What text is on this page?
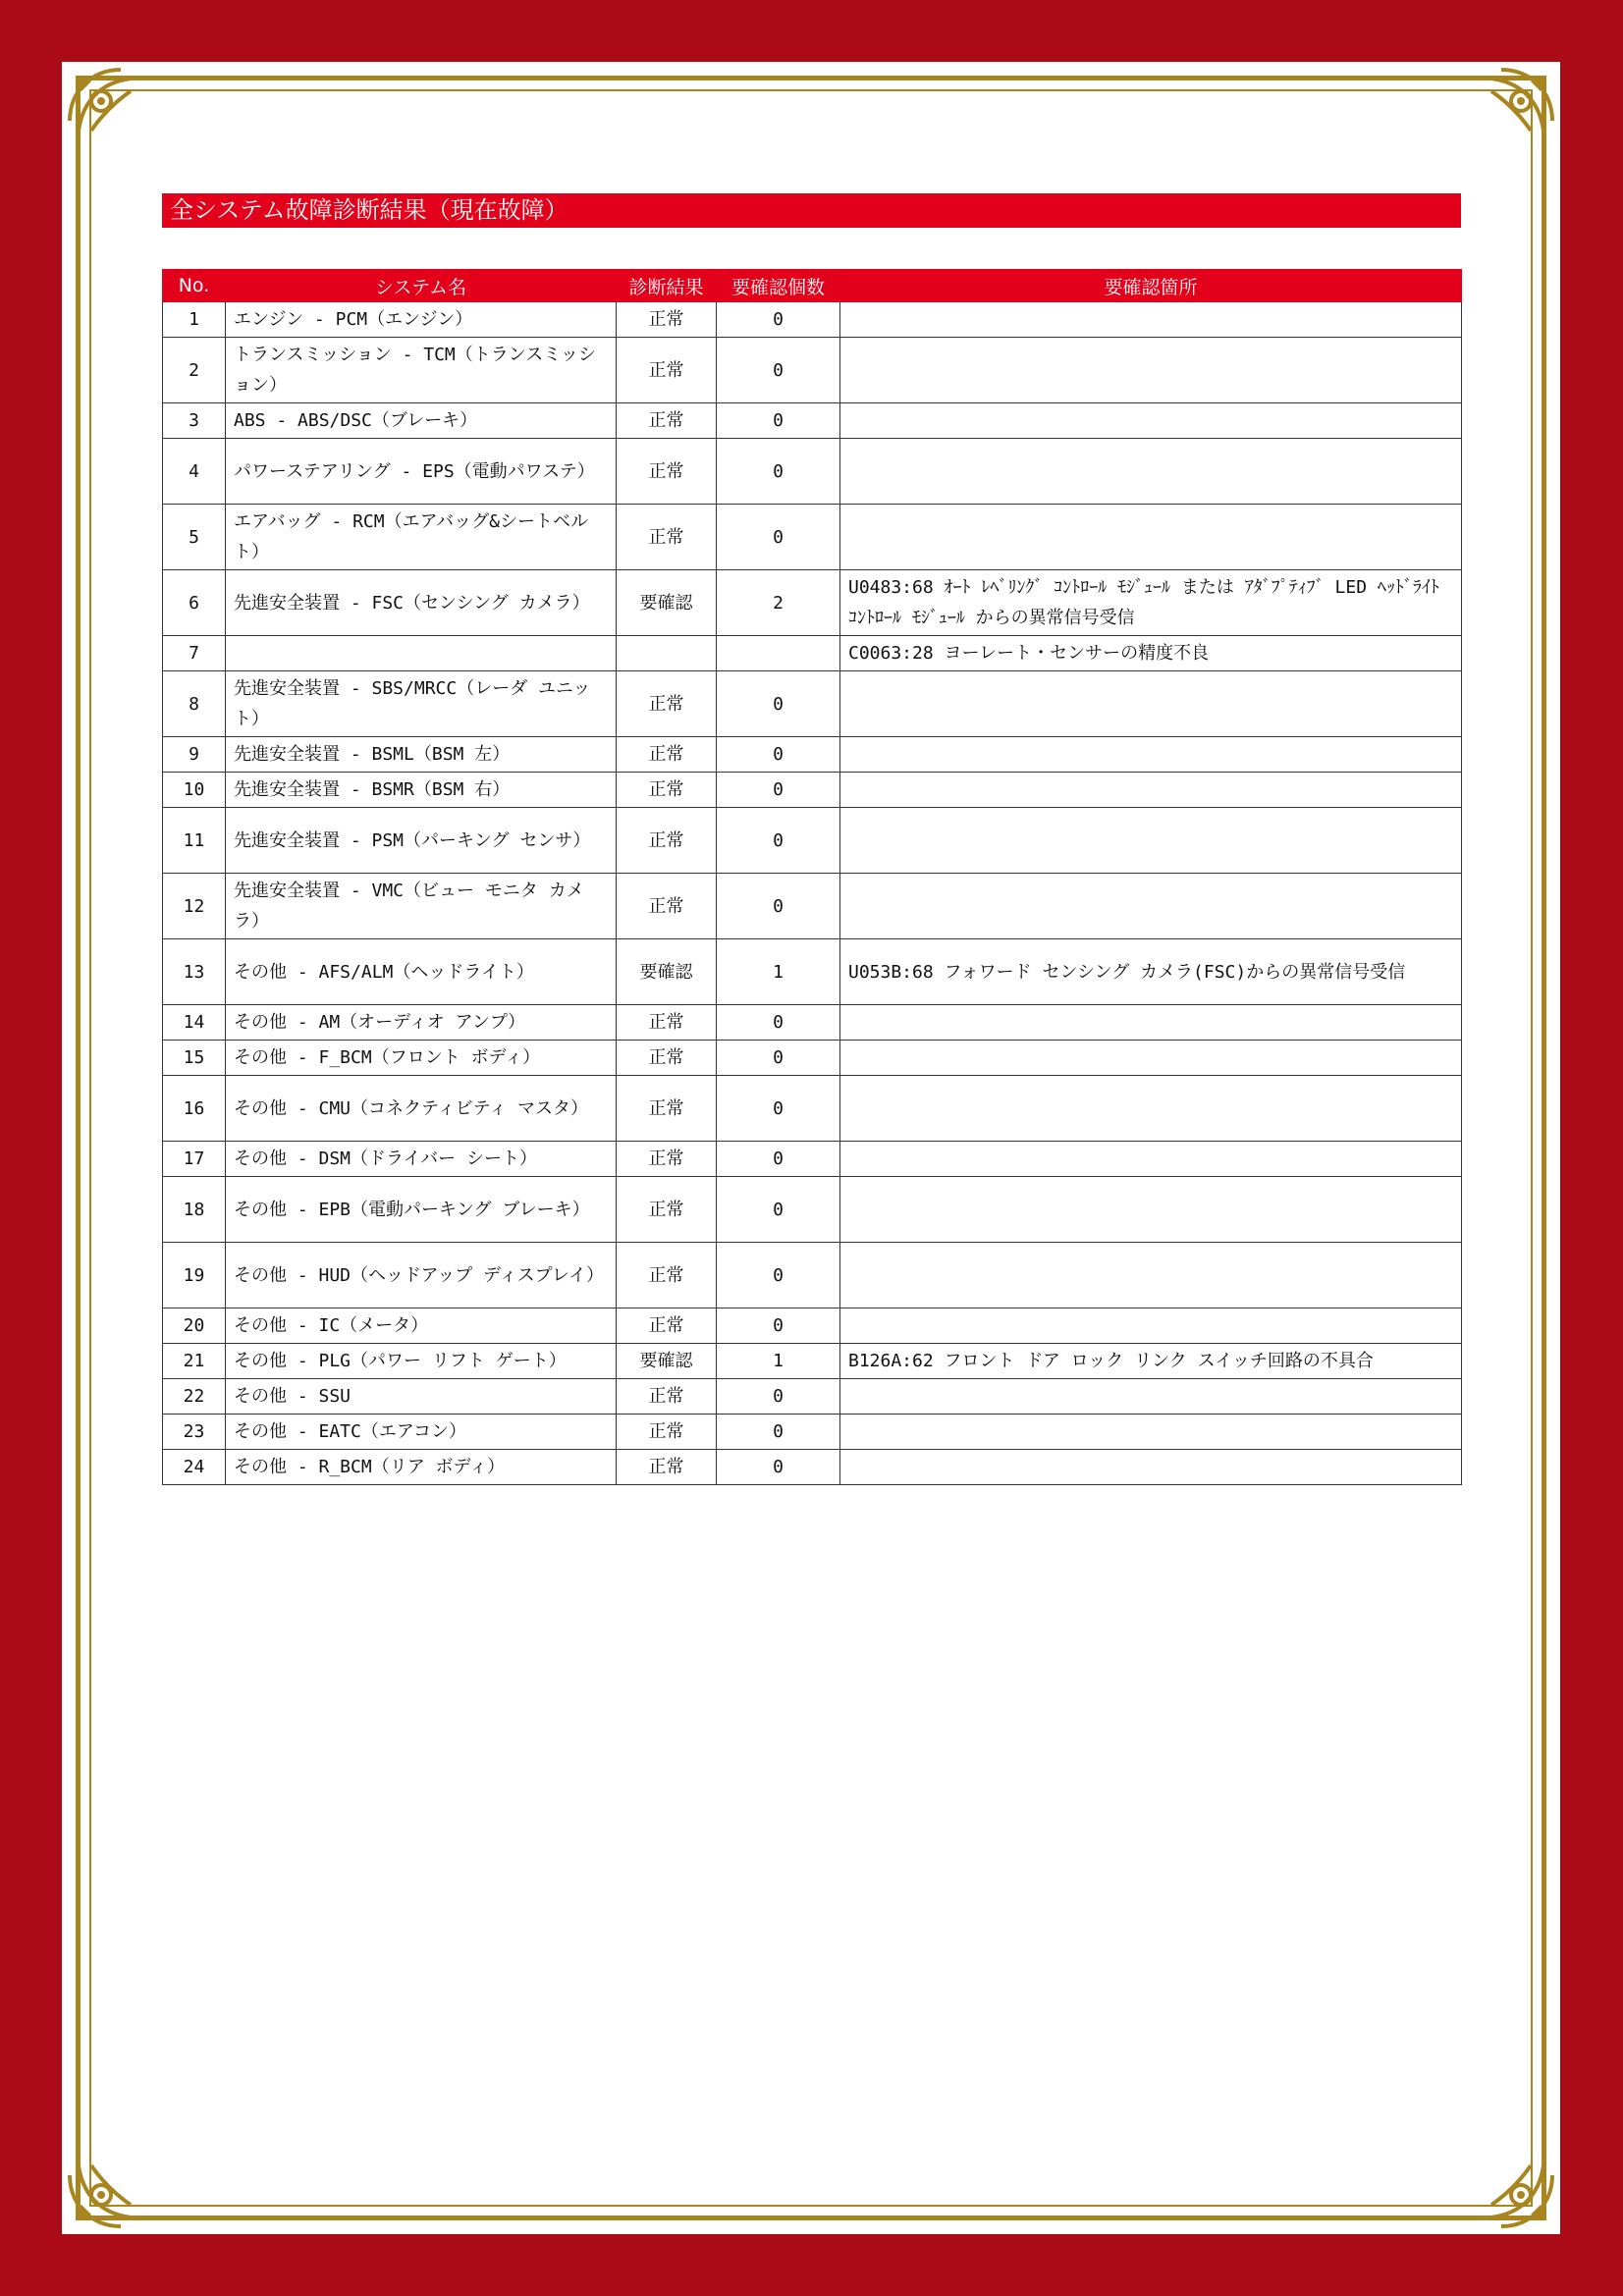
全システム故障診断結果（現在故障）
No.	システム名	診断結果	要確認個数	要確認箇所
1	エンジン - PCM（エンジン）	正常	0	
2	トランスミッション - TCM（トランスミッション）	正常	0	
3	ABS - ABS/DSC（ブレーキ）	正常	0	
4	パワーステアリング - EPS（電動パワステ）	正常	0	
5	エアバッグ - RCM（エアバッグ&シートベルト）	正常	0	
6	先進安全装置 - FSC（センシング カメラ）	要確認	2	U0483:68 ｵｰﾄ ﾚﾍﾞﾘﾝｸﾞ ｺﾝﾄﾛｰﾙ ﾓｼﾞｭｰﾙ または ｱﾀﾞﾌﾟﾃｨﾌﾞ LED ﾍｯﾄﾞﾗｲﾄ ｺﾝﾄﾛｰﾙ ﾓｼﾞｭｰﾙ からの異常信号受信
7				C0063:28 ヨーレート・センサーの精度不良
8	先進安全装置 - SBS/MRCC（レーダ ユニット）	正常	0	
9	先進安全装置 - BSML（BSM 左）	正常	0	
10	先進安全装置 - BSMR（BSM 右）	正常	0	
11	先進安全装置 - PSM（パーキング センサ）	正常	0	
12	先進安全装置 - VMC（ビュー モニタ カメラ）	正常	0	
13	その他 - AFS/ALM（ヘッドライト）	要確認	1	U053B:68 フォワード センシング カメラ(FSC)からの異常信号受信
14	その他 - AM（オーディオ アンプ）	正常	0	
15	その他 - F_BCM（フロント ボディ）	正常	0	
16	その他 - CMU（コネクティビティ マスタ）	正常	0	
17	その他 - DSM（ドライバー シート）	正常	0	
18	その他 - EPB（電動パーキング ブレーキ）	正常	0	
19	その他 - HUD（ヘッドアップ ディスプレイ）	正常	0	
20	その他 - IC（メータ）	正常	0	
21	その他 - PLG（パワー リフト ゲート）	要確認	1	B126A:62 フロント ドア ロック リンク スイッチ回路の不具合
22	その他 - SSU	正常	0	
23	その他 - EATC（エアコン）	正常	0	
24	その他 - R_BCM（リア ボディ）	正常	0	
